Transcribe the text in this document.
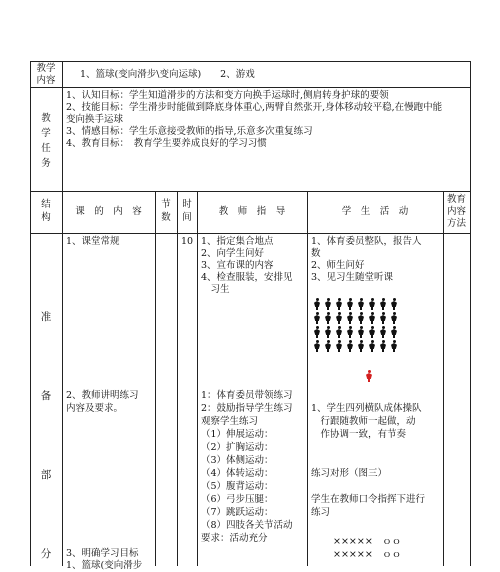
教学
内容
1、篮球(变向滑步\变向运球)　　2、游戏
教
学
任
务
1、认知目标：学生知道滑步的方法和变方向换手运球时,侧肩转身护球的要领
2、技能目标：学生滑步时能做到降底身体重心,两臂自然张开,身体移动较平稳,在慢跑中能
变向换手运球
3、情感目标：学生乐意接受教师的指导,乐意多次重复练习
4、教育目标：　教育学生要养成良好的学习习惯
结
构
课　的　内　容
节
数
时
间
教　师　指　导	学　生　活　动
教育
内容
方法
准
备
部
分
1、课堂常规
2、教师讲明练习
内容及要求。
3、明确学习目标
1、篮球(变向滑步
10 1、指定集合地点
2、向学生问好
3、宣布课的内容
4、检查服装，安排见
　习生
1：体育委员带领练习
2：鼓励指导学生练习
观察学生练习
（1）伸展运动：
（2）扩胸运动：
（3）体侧运动：
（4）体转运动：
（5）腹背运动：
（6）弓步压腿：
（7）跳跃运动：
（8）四肢各关节活动
要求：活动充分
1、体育委员整队，报告人
数
2、师生问好
3、见习生随堂听课
1、学生四列横队成体操队
　行跟随教师一起做，动
　作协调一致，有节奏
练习对形（图三）
学生在教师口令指挥下进行
练习
×××××　ｏｏ
×××××　ｏｏ
